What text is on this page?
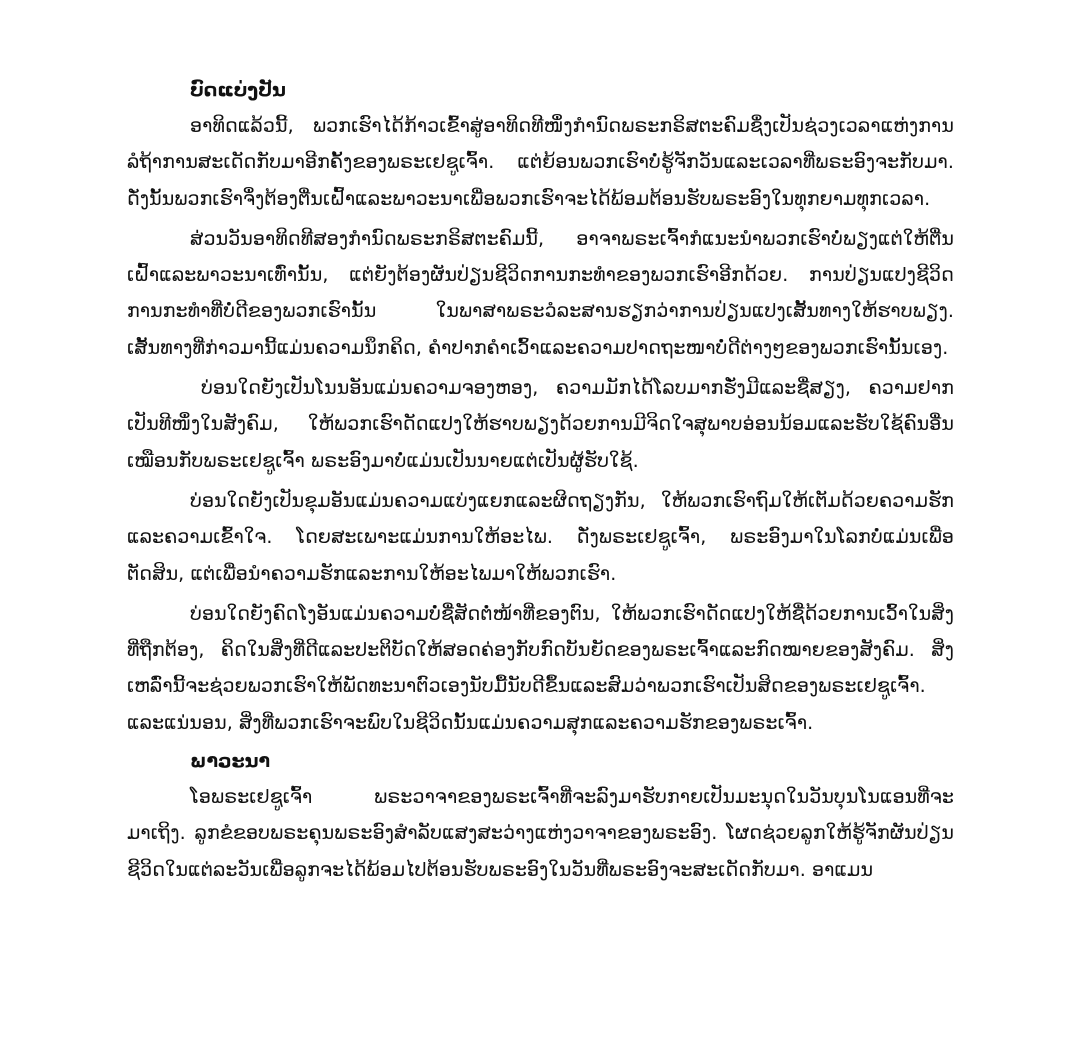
ບົດແບ່ງປັນ

ອາທິດແລ້ວນີ້, ພວກເຮົາໄດ້ກ້າວເຂົ້າສູ່ອາທິດທີໜຶ່ງກຳນົດພຣະກຣິສຕະຄົມຊຶ່ງເປັນຊ່ວງເວລາແຫ່ງການລໍຖ້າການສະເດັດກັບມາອີກຄັ້ງຂອງພຣະເຢຊູເຈົ້າ. ແຕ່ຍ້ອນພວກເຮົາບໍ່ຮູ້ຈັກວັນແລະເວລາທີ່ພຣະອົງຈະກັບມາ. ດັ່ງນັ້ນພວກເຮົາຈຶ່ງຕ້ອງຕື່ນເຝົ້າແລະພາວະນາເພື່ອພວກເຮົາຈະໄດ້ພ້ອມຕ້ອນຮັບພຣະອົງໃນທຸກຍາມທຸກເວລາ.

ສ່ວນວັນອາທິດທີສອງກຳນົດພຣະກຣິສຕະຄົມນີ້, ອາຈາພຣະເຈົ້າກໍແນະນຳພວກເຮົາບໍ່ພຽງແຕ່ໃຫ້ຕື່ນເຝົ້າແລະພາວະນາເທົ່ານັ້ນ, ແຕ່ຍັງຕ້ອງຜັນປ່ຽນຊີວິດການກະທຳຂອງພວກເຮົາອີກດ້ວຍ. ການປ່ຽນແປງຊີວິດການກະທຳທີ່ບໍ່ດີຂອງພວກເຮົານັ້ນ ໃນພາສາພຣະວໍລະສານຮຽກວ່າການປ່ຽນແປງເສັ້ນທາງໃຫ້ຮາບພຽງ. ເສັ້ນທາງທີ່ກ່າວມານີ້ແມ່ນຄວາມນຶກຄິດ, ຄຳປາກຄຳເວົ້າແລະຄວາມປາດຖະໜາບໍ່ດີຕ່າງໆຂອງພວກເຮົານັ້ນເອງ.

ບ່ອນໃດຍັງເປັນໂນນອັນແມ່ນຄວາມຈອງຫອງ, ຄວາມມັກໄດ້ໂລບມາກຮັ່ງມີແລະຊື່ສຽງ, ຄວາມຢາກເປັນທີໜຶ່ງໃນສັງຄົມ, ໃຫ້ພວກເຮົາດັດແປງໃຫ້ຮາບພຽງດ້ວຍການມີຈິດໃຈສຸພາບອ່ອນນ້ອມແລະຮັບໃຊ້ຄົນອື່ນເໝືອນກັບພຣະເຢຊູເຈົ້າ ພຣະອົງມາບໍ່ແມ່ນເປັນນາຍແຕ່ເປັນຜູ້ຮັບໃຊ້.

ບ່ອນໃດຍັງເປັນຂຸມອັນແມ່ນຄວາມແບ່ງແຍກແລະຜິດຖຽງກັນ, ໃຫ້ພວກເຮົາຖົມໃຫ້ເຕັມດ້ວຍຄວາມຮັກແລະຄວາມເຂົ້າໃຈ. ໂດຍສະເພາະແມ່ນການໃຫ້ອະໄພ. ດັ່ງພຣະເຢຊູເຈົ້າ, ພຣະອົງມາໃນໂລກບໍ່ແມ່ນເພື່ອຕັດສິນ, ແຕ່ເພື່ອນຳຄວາມຮັກແລະການໃຫ້ອະໄພມາໃຫ້ພວກເຮົາ.

ບ່ອນໃດຍັງຄົດໂງອັນແມ່ນຄວາມບໍ່ຊື່ສັດຕໍ່ໜ້າທີ່ຂອງຕົນ, ໃຫ້ພວກເຮົາດັດແປງໃຫ້ຊື່ດ້ວຍການເວົ້າໃນສິ່ງທີ່ຖືກຕ້ອງ, ຄິດໃນສິ່ງທີ່ດີແລະປະຕິບັດໃຫ້ສອດຄ່ອງກັບກົດບັນຍັດຂອງພຣະເຈົ້າແລະກົດໝາຍຂອງສັງຄົມ. ສິ່ງເຫລົ່ານີ້ຈະຊ່ວຍພວກເຮົາໃຫ້ພັດທະນາຕົວເອງນັບມື້ນັບດີຂຶ້ນແລະສົມວ່າພວກເຮົາເປັນສິດຂອງພຣະເຢຊູເຈົ້າ. ແລະແນ່ນອນ, ສິ່ງທີ່ພວກເຮົາຈະພົບໃນຊີວິດນັ້ນແມ່ນຄວາມສຸກແລະຄວາມຮັກຂອງພຣະເຈົ້າ.

ພາວະນາ

ໂອພຣະເຢຊູເຈົ້າ ພຣະວາຈາຂອງພຣະເຈົ້າທີ່ຈະລົງມາຮັບກາຍເປັນມະນຸດໃນວັນບຸນໂນແອນທີ່ຈະມາເຖິງ. ລູກຂໍຂອບພຣະຄຸນພຣະອົງສຳລັບແສງສະວ່າງແຫ່ງວາຈາຂອງພຣະອົງ. ໂຜດຊ່ວຍລູກໃຫ້ຮູ້ຈັກຜັນປ່ຽນຊີວິດໃນແຕ່ລະວັນເພື່ອລູກຈະໄດ້ພ້ອມໄປຕ້ອນຮັບພຣະອົງໃນວັນທີ່ພຣະອົງຈະສະເດັດກັບມາ. ອາແມນ
